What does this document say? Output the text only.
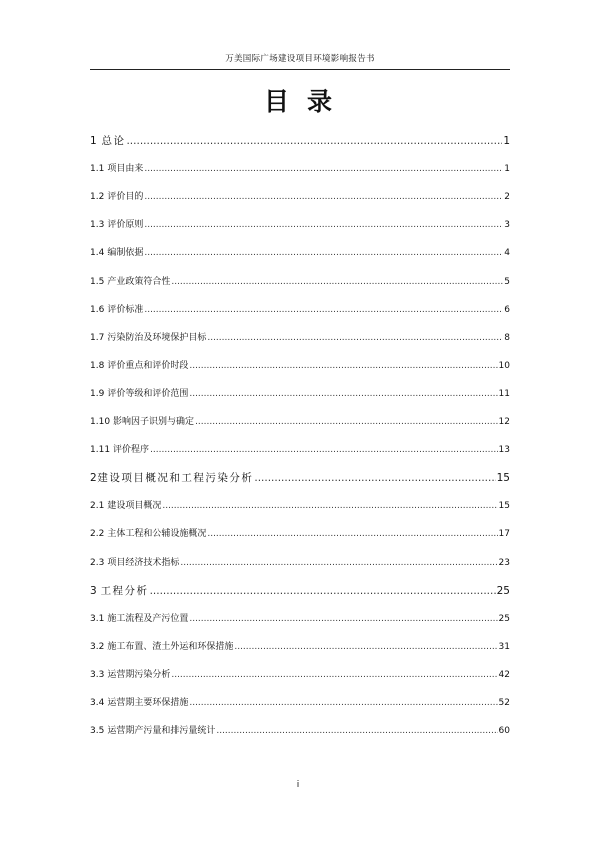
万美国际广场建设项目环境影响报告书
目录
1 总论 .....	1
1.1 项目由来 .....	1
1.2 评价目的 .....	2
1.3 评价原则 .....	3
1.4 编制依据 .....	4
1.5 产业政策符合性 .....	5
1.6 评价标准 .....	6
1.7 污染防治及环境保护目标 .....	8
1.8 评价重点和评价时段 .....	10
1.9 评价等级和评价范围 .....	11
1.10 影响因子识别与确定 .....	12
1.11 评价程序 .....	13
2 建设项目概况和工程污染分析 .....	15
2.1 建设项目概况 .....	15
2.2 主体工程和公辅设施概况 .....	17
2.3 项目经济技术指标 .....	23
3 工程分析 .....	25
3.1 施工流程及产污位置 .....	25
3.2 施工布置、渣土外运和环保措施 .....	31
3.3 运营期污染分析 .....	42
3.4 运营期主要环保措施 .....	52
3.5 运营期产污量和排污量统计 .....	60
i
